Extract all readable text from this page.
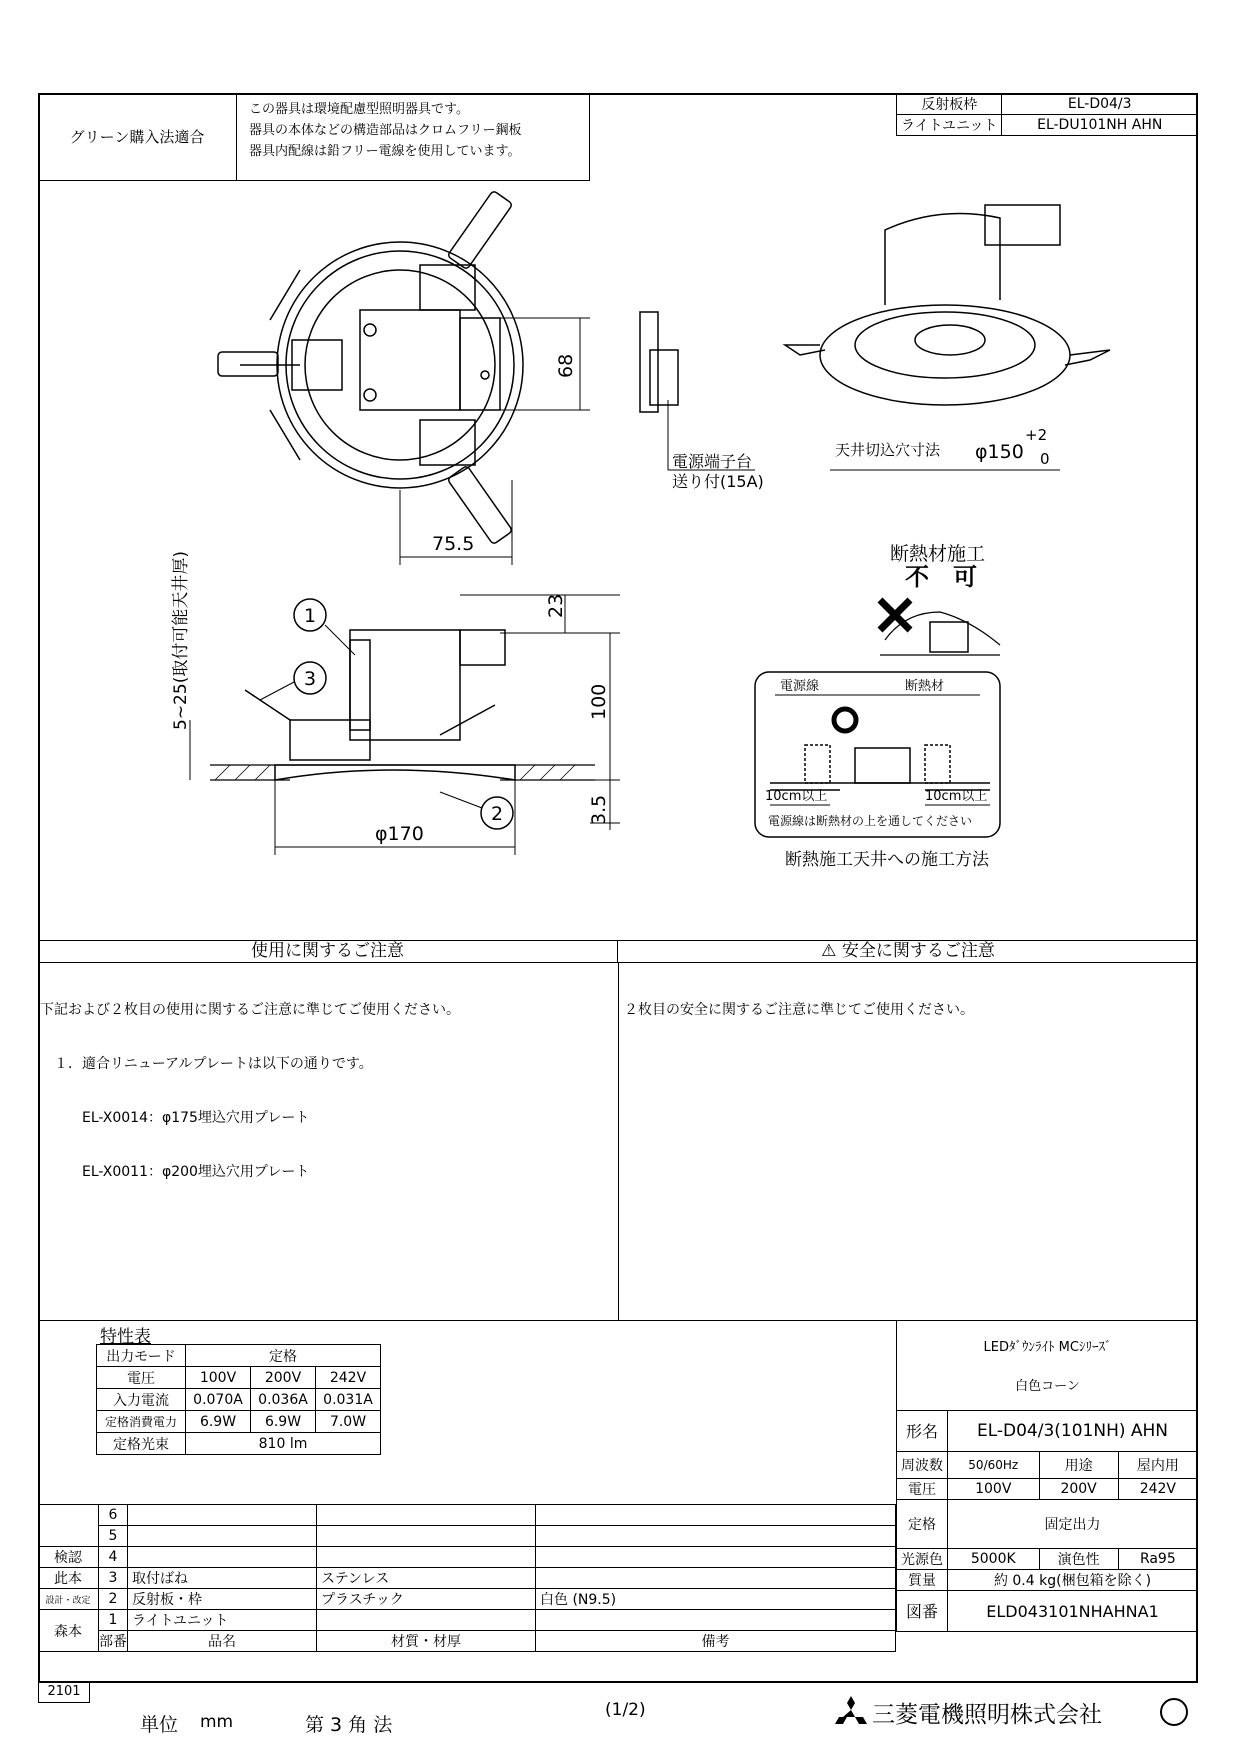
グリーン購入法適合
この器具は環境配慮型照明器具です。
器具の本体などの構造部品はクロムフリー鋼板
器具内配線は鉛フリー電線を使用しています。
反射板枠	EL-D04/3
ライトユニット	EL-DU101NH AHN
68
75.5
電源端子台
送り付(15A)
天井切込穴寸法 φ150
+2
0
5~25(取付可能天井厚)	23
100
3.5
φ170
1
3
2
断熱材施工
不　可
電源線	断熱材
10cm以上	10cm以上
電源線は断熱材の上を通してください
断熱施工天井への施工方法
使用に関するご注意	⚠ 安全に関するご注意

下記および２枚目の使用に関するご注意に準じてご使用ください。

　１．適合リニューアルプレートは以下の通りです。

　　　EL-X0014：φ175埋込穴用プレート

　　　EL-X0011：φ200埋込穴用プレート

２枚目の安全に関するご注意に準じてご使用ください。

特性表
出力モード	定格		
電圧	100V	200V	242V
入力電流	0.070A	0.036A	0.031A
定格消費電力	6.9W	6.9W	7.0W
定格光束	810 lm		
LEDﾀﾞｳﾝﾗｲﾄ MCｼﾘｰｽﾞ
白色コーン
形名	EL-D04/3(101NH) AHN		
周波数	50/60Hz	用途	屋内用
電圧	100V	200V	242V
定格	固定出力		
光源色	5000K	演色性	Ra95
質量	約 0.4 kg(梱包箱を除く)		
図番	ELD043101NHAHNA1		
	6			
	5			
検認	4			
此本	3	取付ばね	ステンレス	
設計・改定	2	反射板・枠	プラスチック	白色 (N9.5)
森本	1	ライトユニット		
	部番	品名	材質・材厚	備考
2101
単位 mm	第 3 角 法
(1/2)	三菱電機照明株式会社
